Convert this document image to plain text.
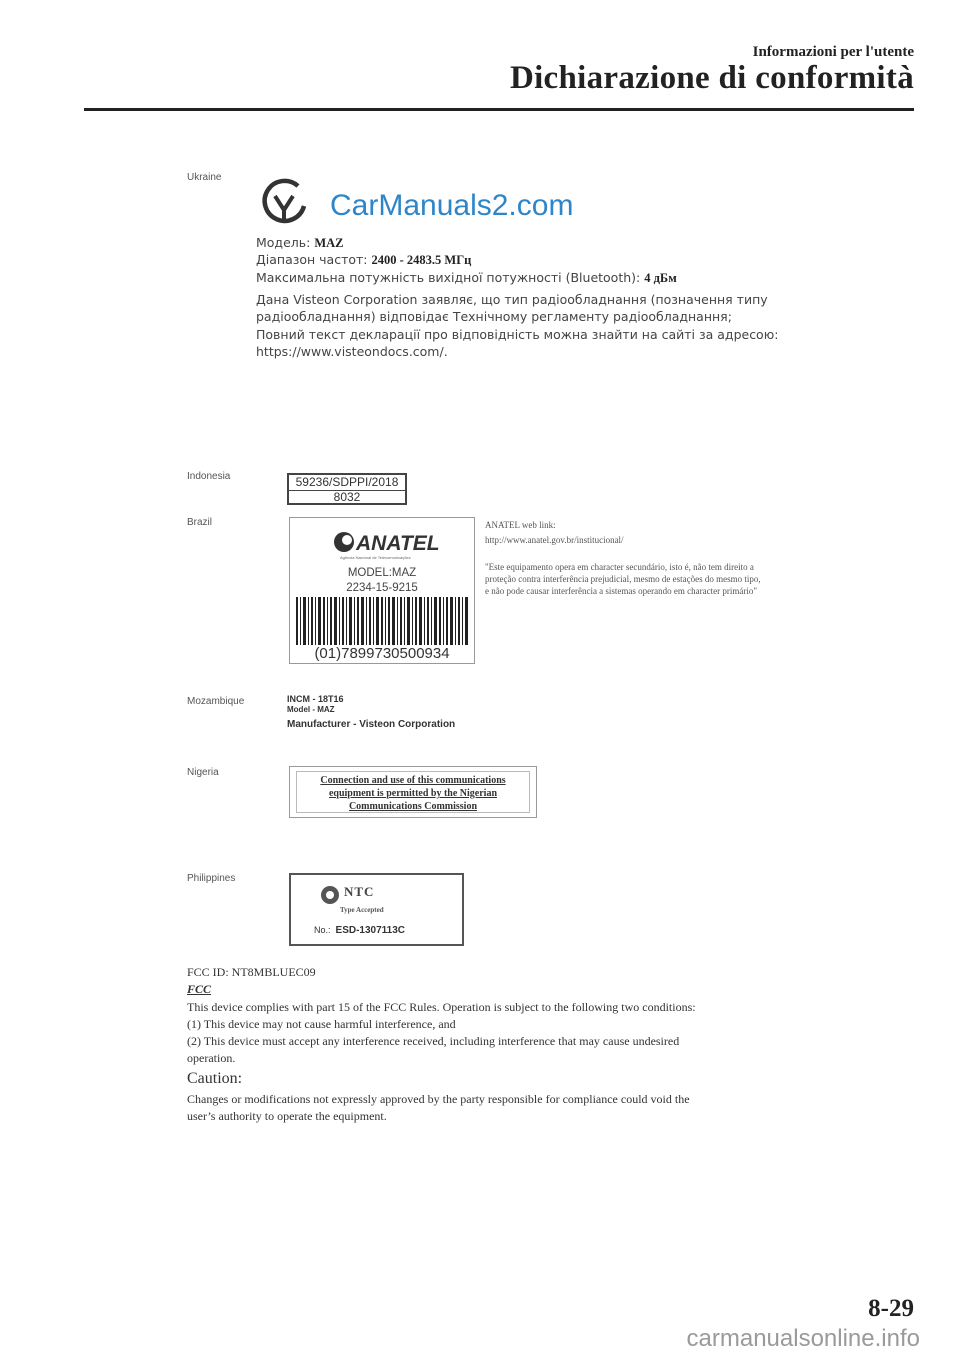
Informazioni per l'utente
Dichiarazione di conformità
Ukraine
CarManuals2.com
Модель: MAZ
Діапазон частот: 2400 - 2483.5 МГц
Максимальна потужність вихідної потужності (Bluetooth): 4 дБм
Дана Visteon Corporation заявляє, що тип радіообладнання (позначення типу
радіообладнання) відповідає Технічному регламенту радіообладнання;
Повний текст декларації про відповідність можна знайти на сайті за адресою:
https://www.visteondocs.com/.
Indonesia	59236/SDPPI/2018
8032
Brazil
ANATEL
Agência Nacional de Telecomunicações
MODEL:MAZ
2234-15-9215
(01)7899730500934
ANATEL web link:
http://www.anatel.gov.br/institucional/
"Este equipamento opera em character secundário, isto é, não tem direito a
proteção contra interferência prejudicial, mesmo de estações do mesmo tipo,
e não pode causar interferência a sistemas operando em character primário"
Mozambique	INCM - 18T16
Model - MAZ
Manufacturer - Visteon Corporation
Nigeria
Connection and use of this communications
equipment is permitted by the Nigerian
Communications Commission
Philippines
NTC
Type Accepted
No.: ESD-1307113C
FCC ID: NT8MBLUEC09
FCC
This device complies with part 15 of the FCC Rules. Operation is subject to the following two conditions:
(1) This device may not cause harmful interference, and
(2) This device must accept any interference received, including interference that may cause undesired
operation.
Caution:
Changes or modifications not expressly approved by the party responsible for compliance could void the
user’s authority to operate the equipment.
8-29
carmanualsonline.info
